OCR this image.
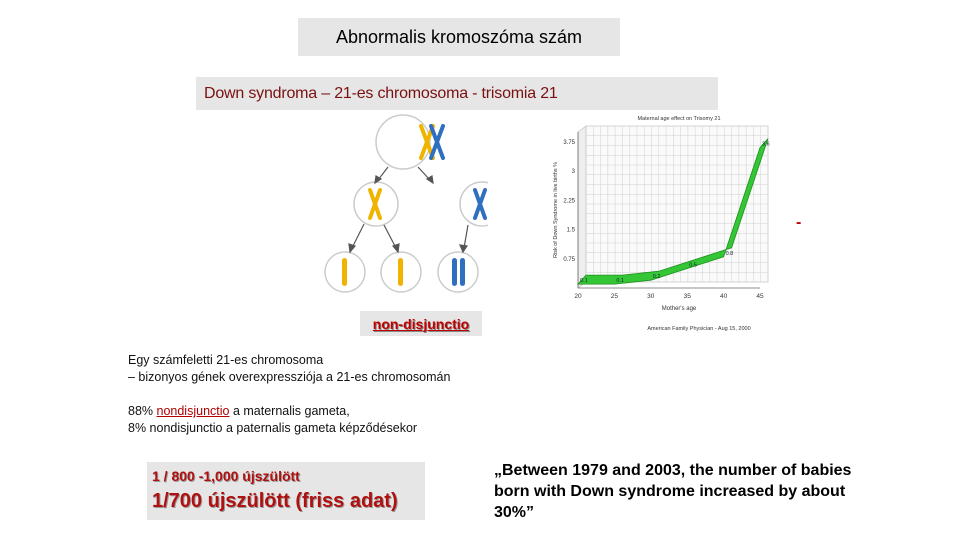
Abnormalis kromoszóma szám
Down syndroma – 21-es chromosoma - trisomia 21
non-disjunctio
0.1	0.1
0.2
0.5
0.8
3.6
0.75
1.5
2.25
3
3.75
20	25	30	35	40	45
Maternal age effect on Trisomy 21
Mother's age
Risk of Down Syndrome in live births %
American Family Physician - Aug 15, 2000
-
Egy számfeletti 21-es chromosoma
– bizonyos gének overexpressziója a 21-es chromosomán
88% nondisjunctio a maternalis gameta,
8% nondisjunctio a paternalis gameta képződésekor
1 / 800 -1,000 újszülött
1/700 újszülött (friss adat)
„Between 1979 and 2003, the number of babies born with Down syndrome increased by about 30%”
